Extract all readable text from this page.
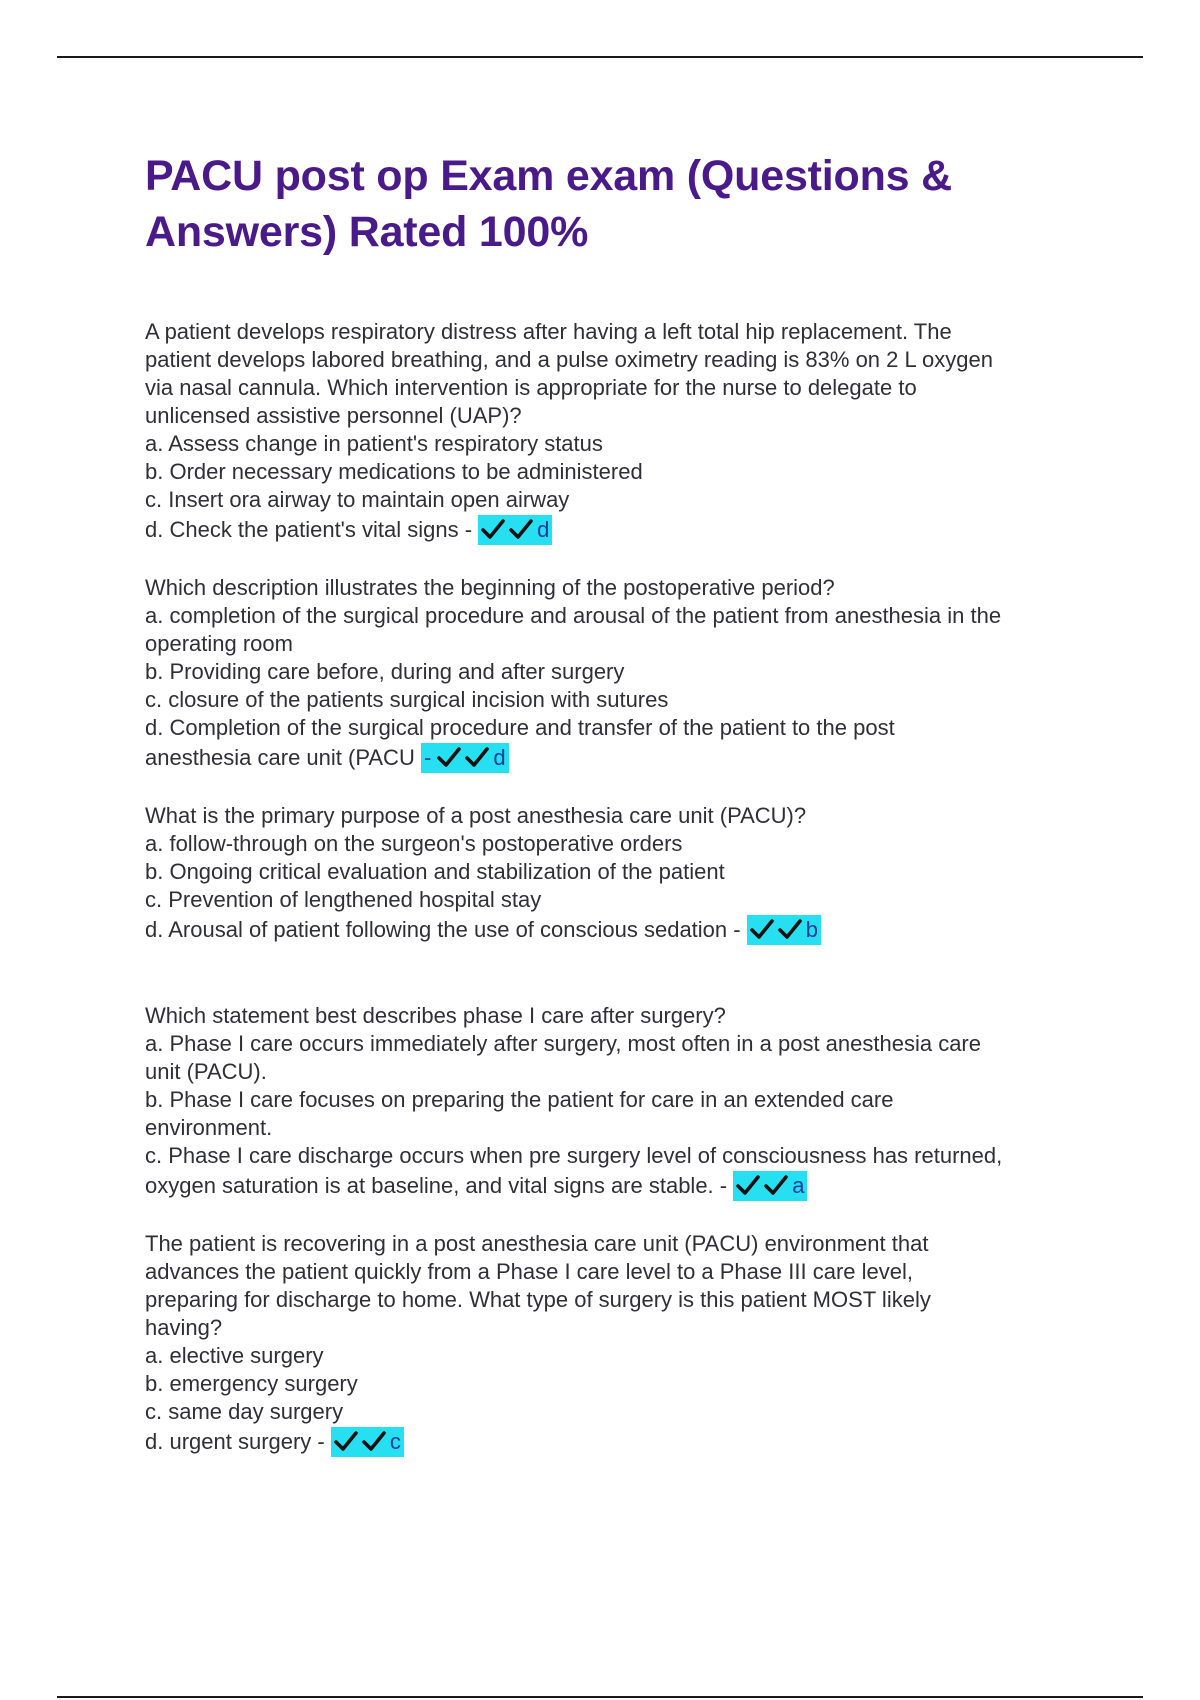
PACU post op Exam exam (Questions & Answers) Rated 100%
A patient develops respiratory distress after having a left total hip replacement. The
patient develops labored breathing, and a pulse oximetry reading is 83% on 2 L oxygen
via nasal cannula. Which intervention is appropriate for the nurse to delegate to
unlicensed assistive personnel (UAP)?
a. Assess change in patient's respiratory status
b. Order necessary medications to be administered
c. Insert ora airway to maintain open airway
d. Check the patient's vital signs -	d
Which description illustrates the beginning of the postoperative period?
a. completion of the surgical procedure and arousal of the patient from anesthesia in the
operating room
b. Providing care before, during and after surgery
c. closure of the patients surgical incision with sutures
d. Completion of the surgical procedure and transfer of the patient to the post
anesthesia care unit (PACU -	d
What is the primary purpose of a post anesthesia care unit (PACU)?
a. follow-through on the surgeon's postoperative orders
b. Ongoing critical evaluation and stabilization of the patient
c. Prevention of lengthened hospital stay
d. Arousal of patient following the use of conscious sedation -	b
Which statement best describes phase I care after surgery?
a. Phase I care occurs immediately after surgery, most often in a post anesthesia care
unit (PACU).
b. Phase I care focuses on preparing the patient for care in an extended care
environment.
c. Phase I care discharge occurs when pre surgery level of consciousness has returned,
oxygen saturation is at baseline, and vital signs are stable. -	a
The patient is recovering in a post anesthesia care unit (PACU) environment that
advances the patient quickly from a Phase I care level to a Phase III care level,
preparing for discharge to home. What type of surgery is this patient MOST likely
having?
a. elective surgery
b. emergency surgery
c. same day surgery
d. urgent surgery -	c
